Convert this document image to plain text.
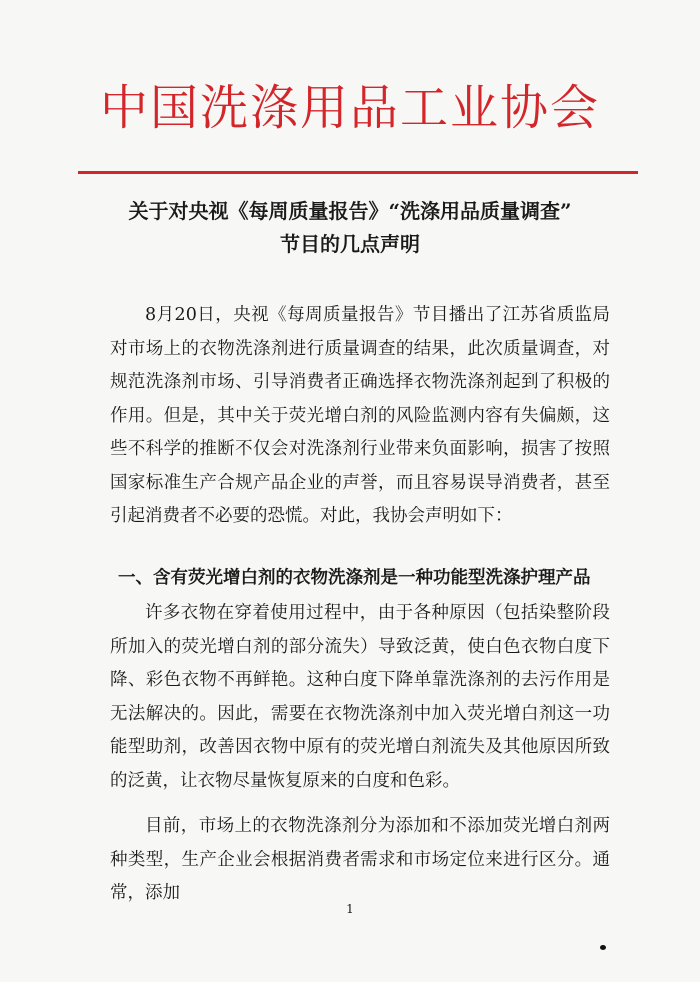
中国洗涤用品工业协会
关于对央视《每周质量报告》“洗涤用品质量调查”
节目的几点声明

8月20日，央视《每周质量报告》节目播出了江苏省质监局对市场上的衣物洗涤剂进行质量调查的结果，此次质量调查，对规范洗涤剂市场、引导消费者正确选择衣物洗涤剂起到了积极的作用。但是，其中关于荧光增白剂的风险监测内容有失偏颇，这些不科学的推断不仅会对洗涤剂行业带来负面影响，损害了按照国家标准生产合规产品企业的声誉，而且容易误导消费者，甚至引起消费者不必要的恐慌。对此，我协会声明如下：

一、含有荧光增白剂的衣物洗涤剂是一种功能型洗涤护理产品

许多衣物在穿着使用过程中，由于各种原因（包括染整阶段所加入的荧光增白剂的部分流失）导致泛黄，使白色衣物白度下降、彩色衣物不再鲜艳。这种白度下降单靠洗涤剂的去污作用是无法解决的。因此，需要在衣物洗涤剂中加入荧光增白剂这一功能型助剂，改善因衣物中原有的荧光增白剂流失及其他原因所致的泛黄，让衣物尽量恢复原来的白度和色彩。

目前，市场上的衣物洗涤剂分为添加和不添加荧光增白剂两种类型，生产企业会根据消费者需求和市场定位来进行区分。通常，添加

1
